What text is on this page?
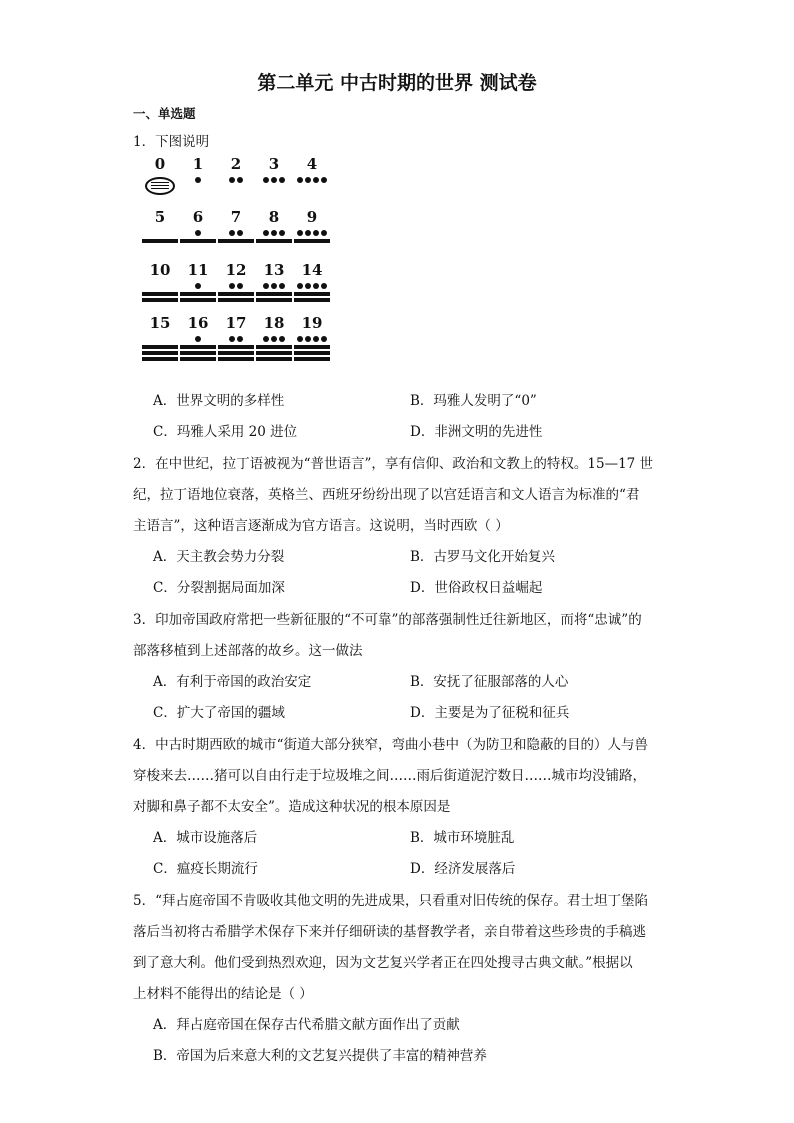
第二单元 中古时期的世界 测试卷
一、单选题
1．下图说明
0	1	2	3	4
5	6	7	8	9
10	11	12	13	14
15	16	17	18	19
A．世界文明的多样性	B．玛雅人发明了“0”
C．玛雅人采用 20 进位	D．非洲文明的先进性
2．在中世纪，拉丁语被视为“普世语言”，享有信仰、政治和文教上的特权。15—17 世
纪，拉丁语地位衰落，英格兰、西班牙纷纷出现了以宫廷语言和文人语言为标准的“君
主语言”，这种语言逐渐成为官方语言。这说明，当时西欧（ ）
A．天主教会势力分裂	B．古罗马文化开始复兴
C．分裂割据局面加深	D．世俗政权日益崛起
3．印加帝国政府常把一些新征服的“不可靠”的部落强制性迁往新地区，而将“忠诚”的
部落移植到上述部落的故乡。这一做法
A．有利于帝国的政治安定	B．安抚了征服部落的人心
C．扩大了帝国的疆域	D．主要是为了征税和征兵
4．中古时期西欧的城市“街道大部分狭窄，弯曲小巷中（为防卫和隐蔽的目的）人与兽
穿梭来去……猪可以自由行走于垃圾堆之间……雨后街道泥泞数日……城市均没铺路，
对脚和鼻子都不太安全”。造成这种状况的根本原因是
A．城市设施落后	B．城市环境脏乱
C．瘟疫长期流行	D．经济发展落后
5．“拜占庭帝国不肯吸收其他文明的先进成果，只看重对旧传统的保存。君士坦丁堡陷
落后当初将古希腊学术保存下来并仔细研读的基督教学者，亲自带着这些珍贵的手稿逃
到了意大利。他们受到热烈欢迎，因为文艺复兴学者正在四处搜寻古典文献。”根据以
上材料不能得出的结论是（ ）
A．拜占庭帝国在保存古代希腊文献方面作出了贡献
B．帝国为后来意大利的文艺复兴提供了丰富的精神营养
